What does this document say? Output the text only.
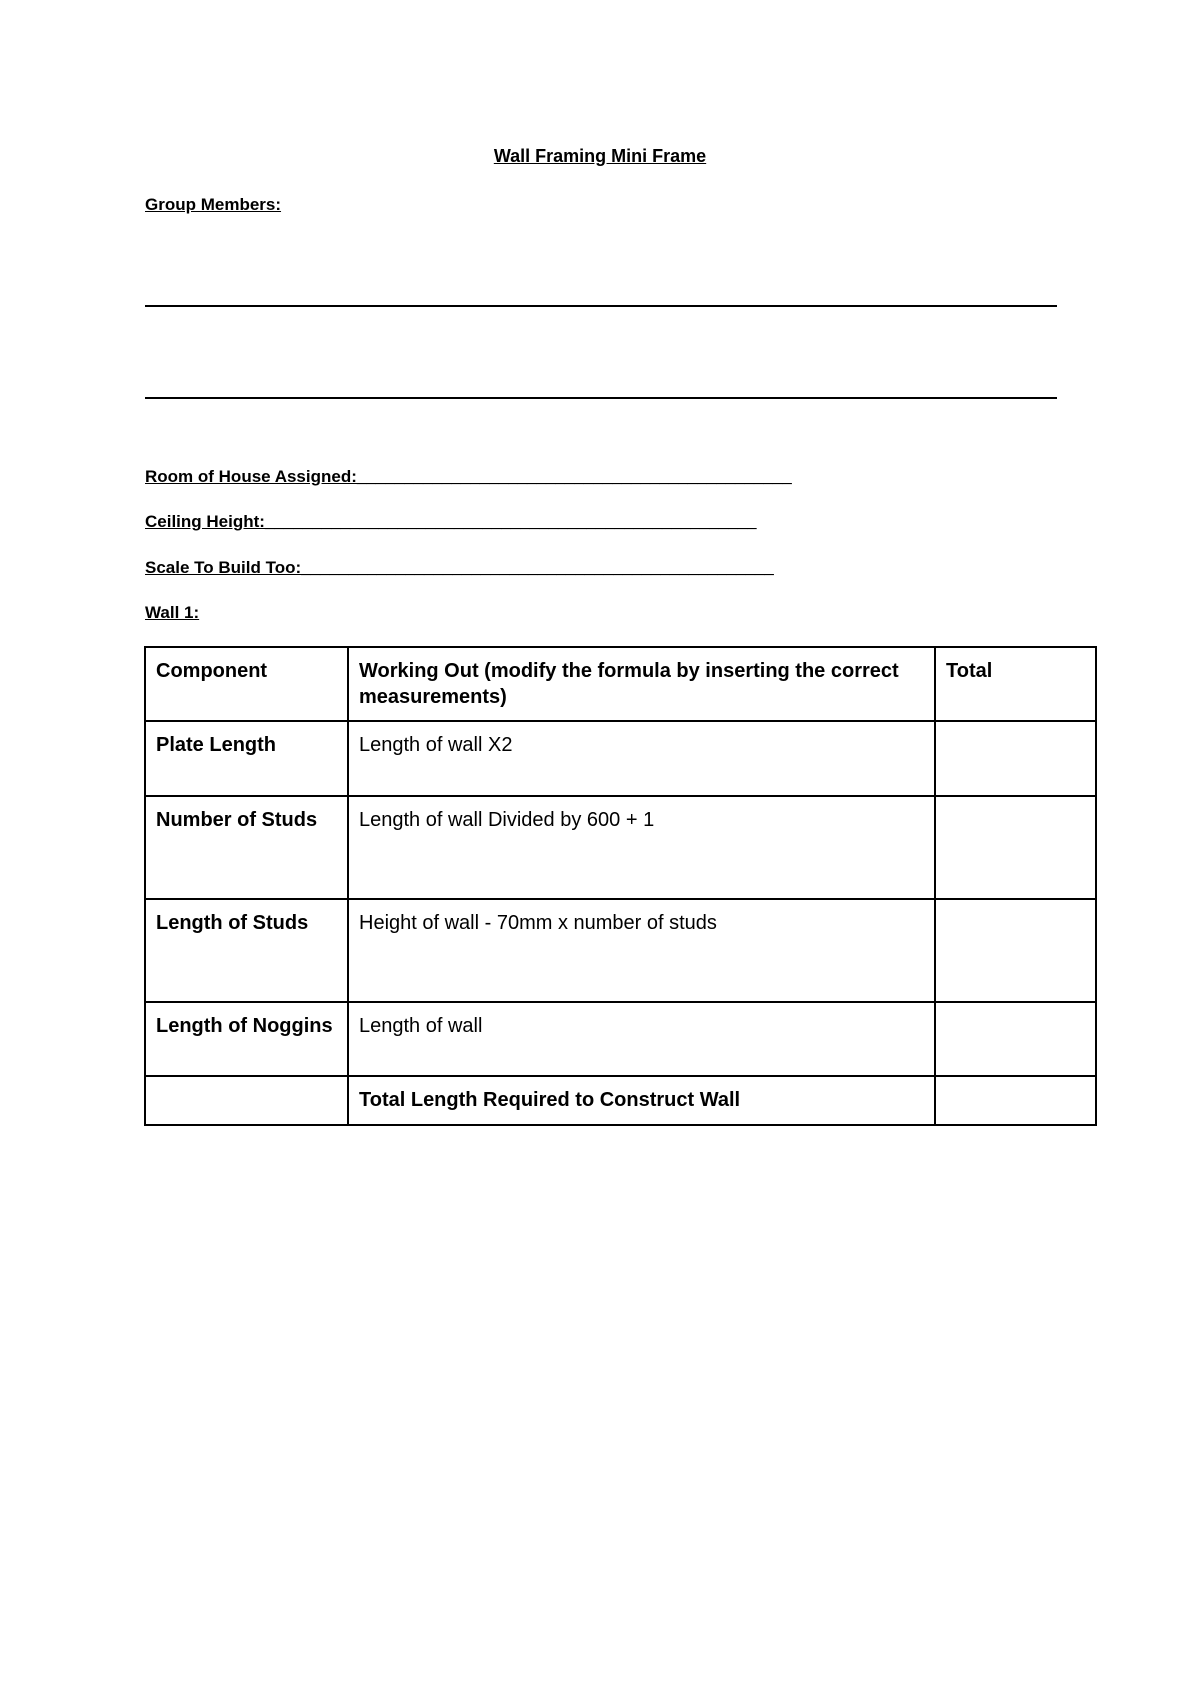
Wall Framing Mini Frame
Group Members:
Room of House Assigned:______________________________________________
Ceiling Height:____________________________________________________
Scale To Build Too:__________________________________________________
Wall 1:
Component	Working Out (modify the formula by inserting the correct measurements)	Total
Plate Length	Length of wall X2	
Number of Studs	Length of wall Divided by 600 + 1	
Length of Studs	Height of wall - 70mm x number of studs	
Length of Noggins	Length of wall	
	Total Length Required to Construct Wall	
